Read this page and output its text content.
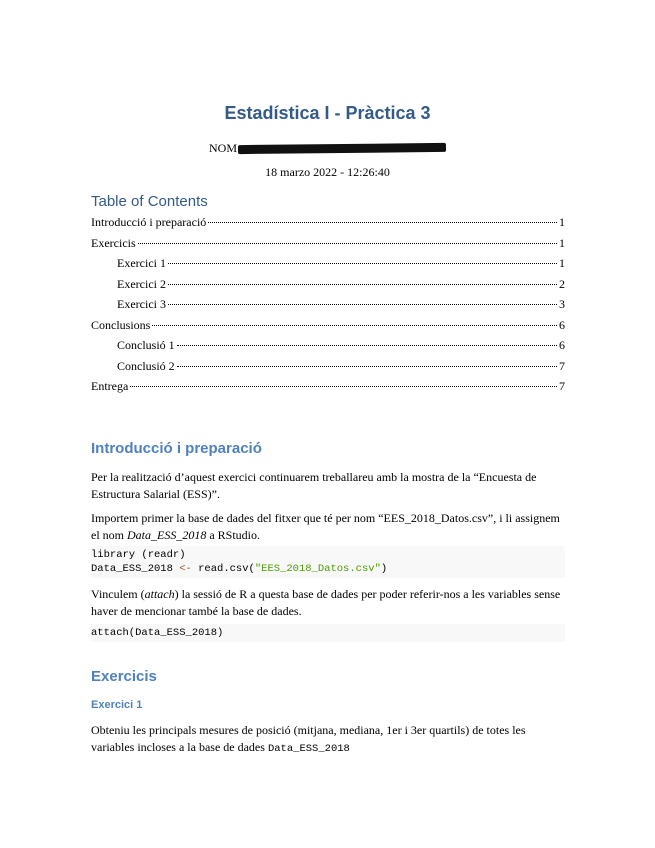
Estadística I - Pràctica 3
NOM
18 marzo 2022 - 12:26:40
Table of Contents
Introducció i preparació	1
Exercicis	1
Exercici 1	1
Exercici 2	2
Exercici 3	3
Conclusions	6
Conclusió 1	6
Conclusió 2	7
Entrega	7
Introducció i preparació

Per la realització d’aquest exercici continuarem treballareu amb la mostra de la “Encuesta de Estructura Salarial (ESS)”.

Importem primer la base de dades del fitxer que té per nom “EES_2018_Datos.csv”, i li assignem el nom Data_ESS_2018 a RStudio.

library (readr)
Data_ESS_2018 <- read.csv("EES_2018_Datos.csv")

Vinculem (attach) la sessió de R a questa base de dades per poder referir-nos a les variables sense haver de mencionar també la base de dades.

attach(Data_ESS_2018)
Exercicis
Exercici 1

Obteniu les principals mesures de posició (mitjana, mediana, 1er i 3er quartils) de totes les variables incloses a la base de dades Data_ESS_2018
